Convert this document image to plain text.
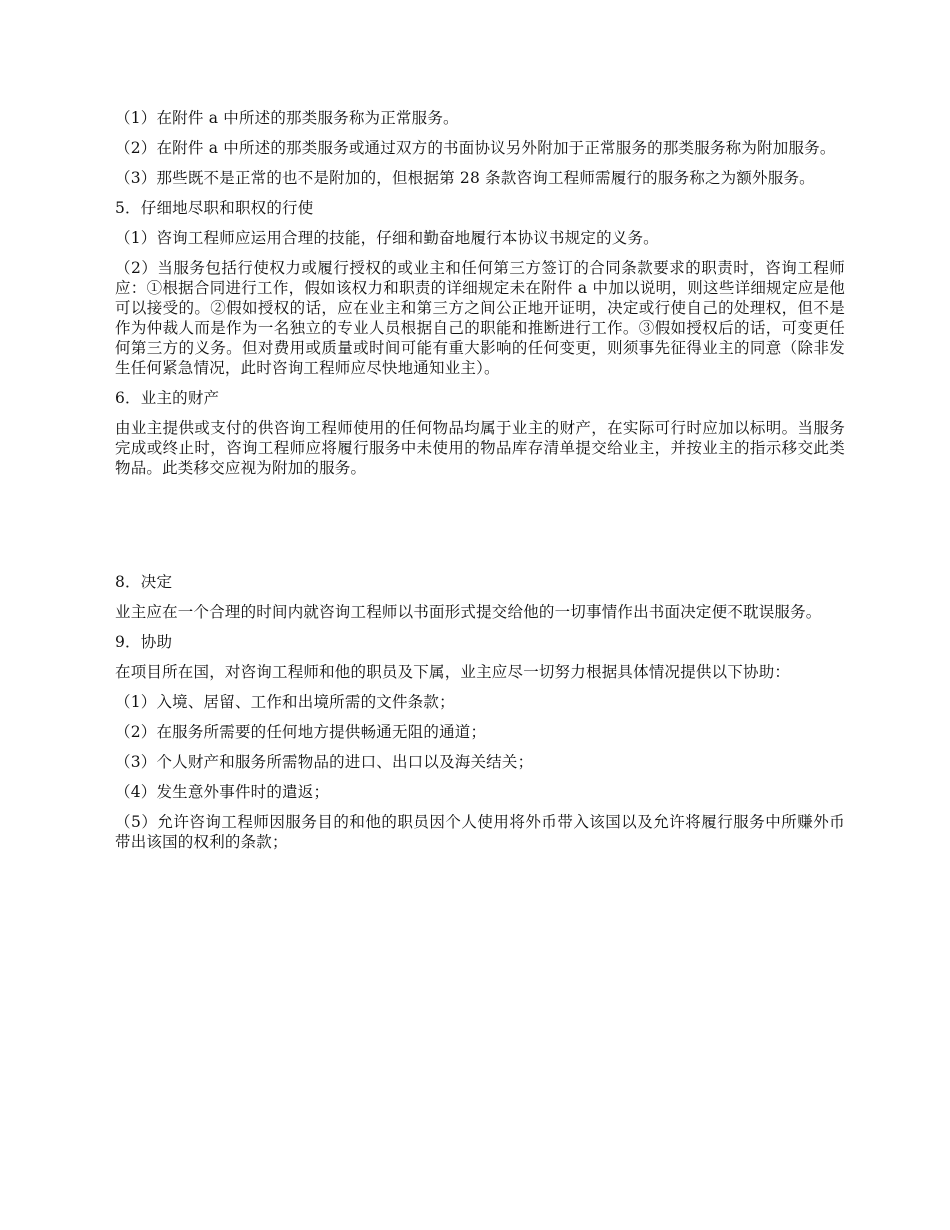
（1）在附件 a 中所述的那类服务称为正常服务。

（2）在附件 a 中所述的那类服务或通过双方的书面协议另外附加于正常服务的那类服务称为附加服务。

（3）那些既不是正常的也不是附加的，但根据第 28 条款咨询工程师需履行的服务称之为额外服务。

5．仔细地尽职和职权的行使

（1）咨询工程师应运用合理的技能，仔细和勤奋地履行本协议书规定的义务。

（2）当服务包括行使权力或履行授权的或业主和任何第三方签订的合同条款要求的职责时，咨询工程师应：①根据合同进行工作，假如该权力和职责的详细规定未在附件 a 中加以说明，则这些详细规定应是他可以接受的。②假如授权的话，应在业主和第三方之间公正地开证明，决定或行使自己的处理权，但不是作为仲裁人而是作为一名独立的专业人员根据自己的职能和推断进行工作。③假如授权后的话，可变更任何第三方的义务。但对费用或质量或时间可能有重大影响的任何变更，则须事先征得业主的同意（除非发生任何紧急情况，此时咨询工程师应尽快地通知业主）。

6．业主的财产

由业主提供或支付的供咨询工程师使用的任何物品均属于业主的财产，在实际可行时应加以标明。当服务完成或终止时，咨询工程师应将履行服务中未使用的物品库存清单提交给业主，并按业主的指示移交此类物品。此类移交应视为附加的服务。

8．决定

业主应在一个合理的时间内就咨询工程师以书面形式提交给他的一切事情作出书面决定便不耽误服务。

9．协助

在项目所在国，对咨询工程师和他的职员及下属，业主应尽一切努力根据具体情况提供以下协助：

（1）入境、居留、工作和出境所需的文件条款；

（2）在服务所需要的任何地方提供畅通无阻的通道；

（3）个人财产和服务所需物品的进口、出口以及海关结关；

（4）发生意外事件时的遣返；

（5）允许咨询工程师因服务目的和他的职员因个人使用将外币带入该国以及允许将履行服务中所赚外币带出该国的权利的条款；
